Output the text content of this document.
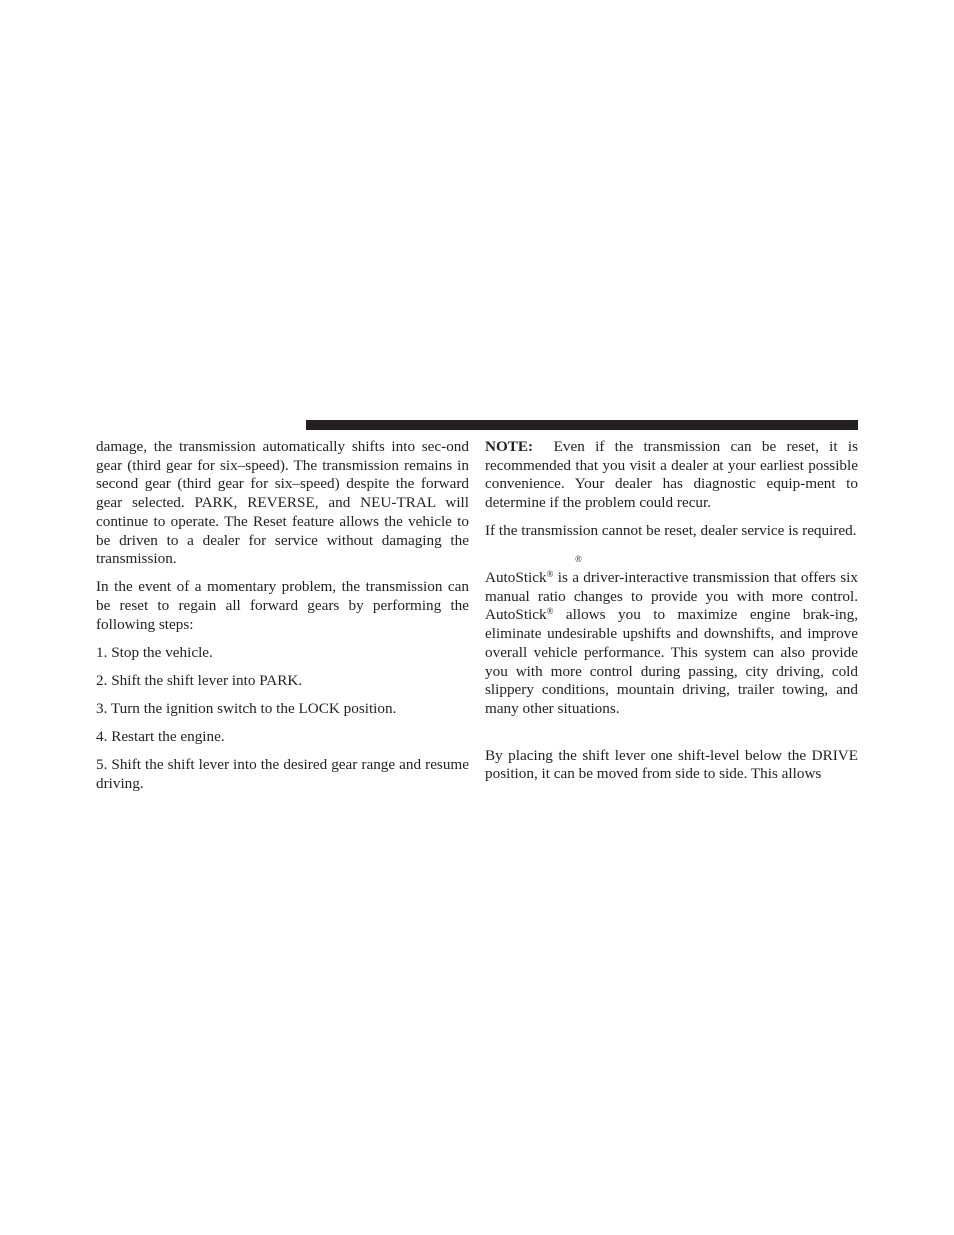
damage, the transmission automatically shifts into sec-ond gear (third gear for six–speed). The transmission remains in second gear (third gear for six–speed) despite the forward gear selected. PARK, REVERSE, and NEU-TRAL will continue to operate. The Reset feature allows the vehicle to be driven to a dealer for service without damaging the transmission.

In the event of a momentary problem, the transmission can be reset to regain all forward gears by performing the following steps:

1. Stop the vehicle.

2. Shift the shift lever into PARK.

3. Turn the ignition switch to the LOCK position.

4. Restart the engine.

5. Shift the shift lever into the desired gear range and resume driving.

NOTE: Even if the transmission can be reset, it is recommended that you visit a dealer at your earliest possible convenience. Your dealer has diagnostic equip-ment to determine if the problem could recur.

If the transmission cannot be reset, dealer service is required.

®

AutoStick® is a driver-interactive transmission that offers six manual ratio changes to provide you with more control. AutoStick® allows you to maximize engine brak-ing, eliminate undesirable upshifts and downshifts, and improve overall vehicle performance. This system can also provide you with more control during passing, city driving, cold slippery conditions, mountain driving, trailer towing, and many other situations.

By placing the shift lever one shift-level below the DRIVE position, it can be moved from side to side. This allows
